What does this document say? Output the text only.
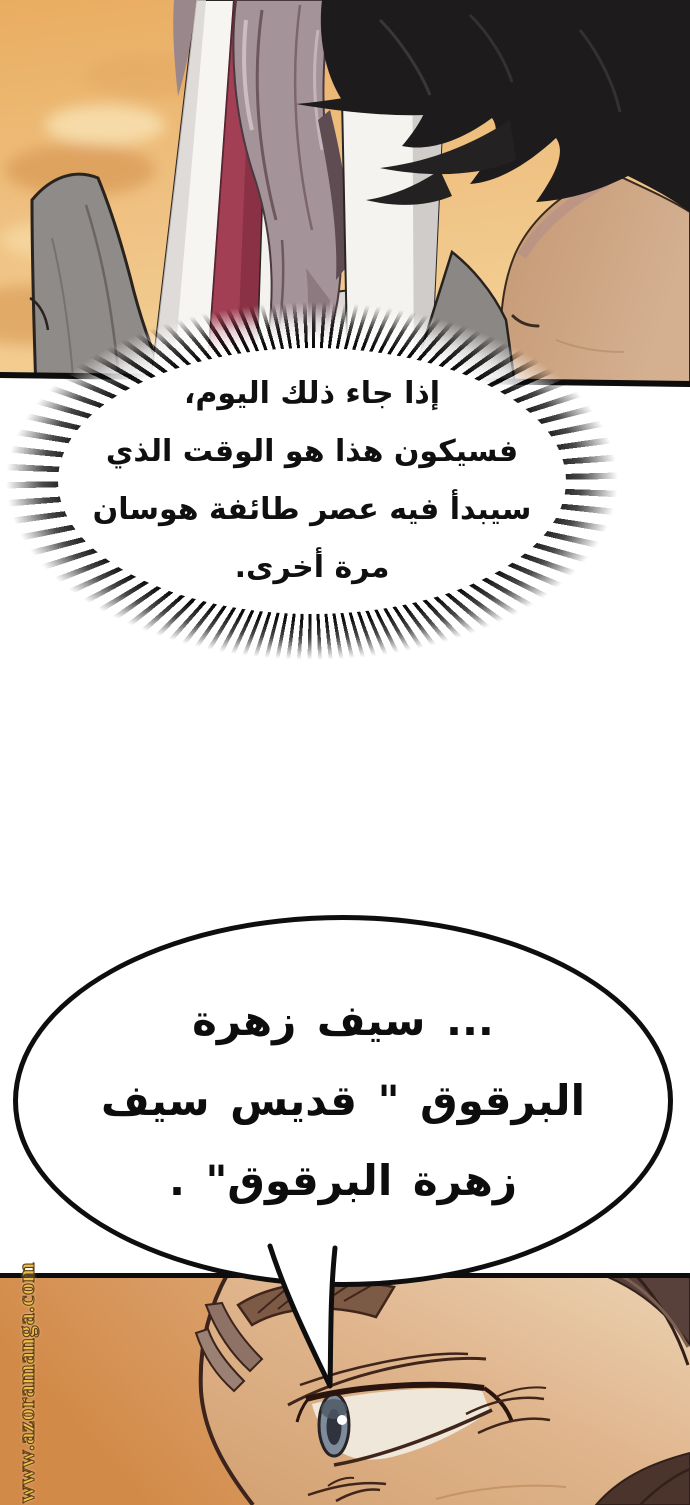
إذا جاء ذلك اليوم،
فسيكون هذا هو الوقت الذي
سيبدأ فيه عصر طائفة هوسان
مرة أخرى.
... سيف زهرة
البرقوق " قديس سيف
زهرة البرقوق" .
www.azoramanga.com
